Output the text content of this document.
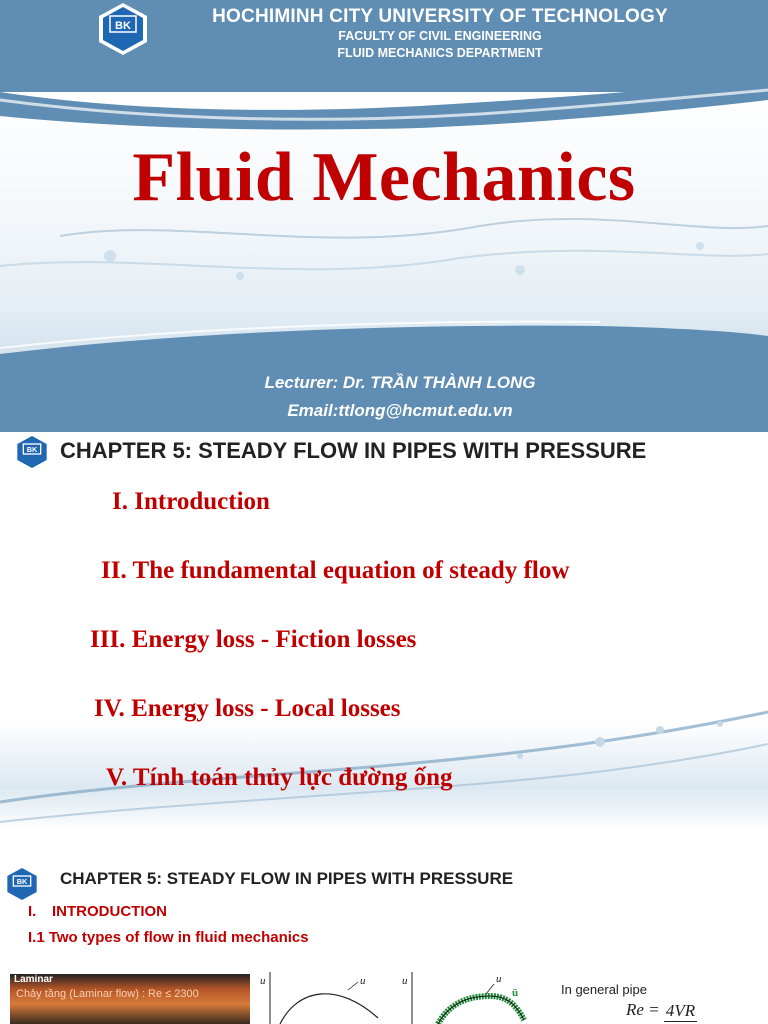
BK	HOCHIMINH CITY UNIVERSITY OF TECHNOLOGY
FACULTY OF CIVIL ENGINEERING
FLUID MECHANICS DEPARTMENT
Fluid Mechanics
Lecturer: Dr. TRẦN THÀNH LONG
Email:ttlong@hcmut.edu.vn
BK CHAPTER 5: STEADY FLOW IN PIPES WITH PRESSURE
I. Introduction
II. The fundamental equation of steady flow
III. Energy loss - Fiction losses
IV. Energy loss - Local losses
V. Tính toán thủy lực đường ống
BK CHAPTER 5: STEADY FLOW IN PIPES WITH PRESSURE
I. INTRODUCTION
I.1 Two types of flow in fluid mechanics
Laminar
Chảy tầng (Laminar flow) : Re ≤ 2300
u	u	u	u
ū	In general pipe
Re = 4VR
